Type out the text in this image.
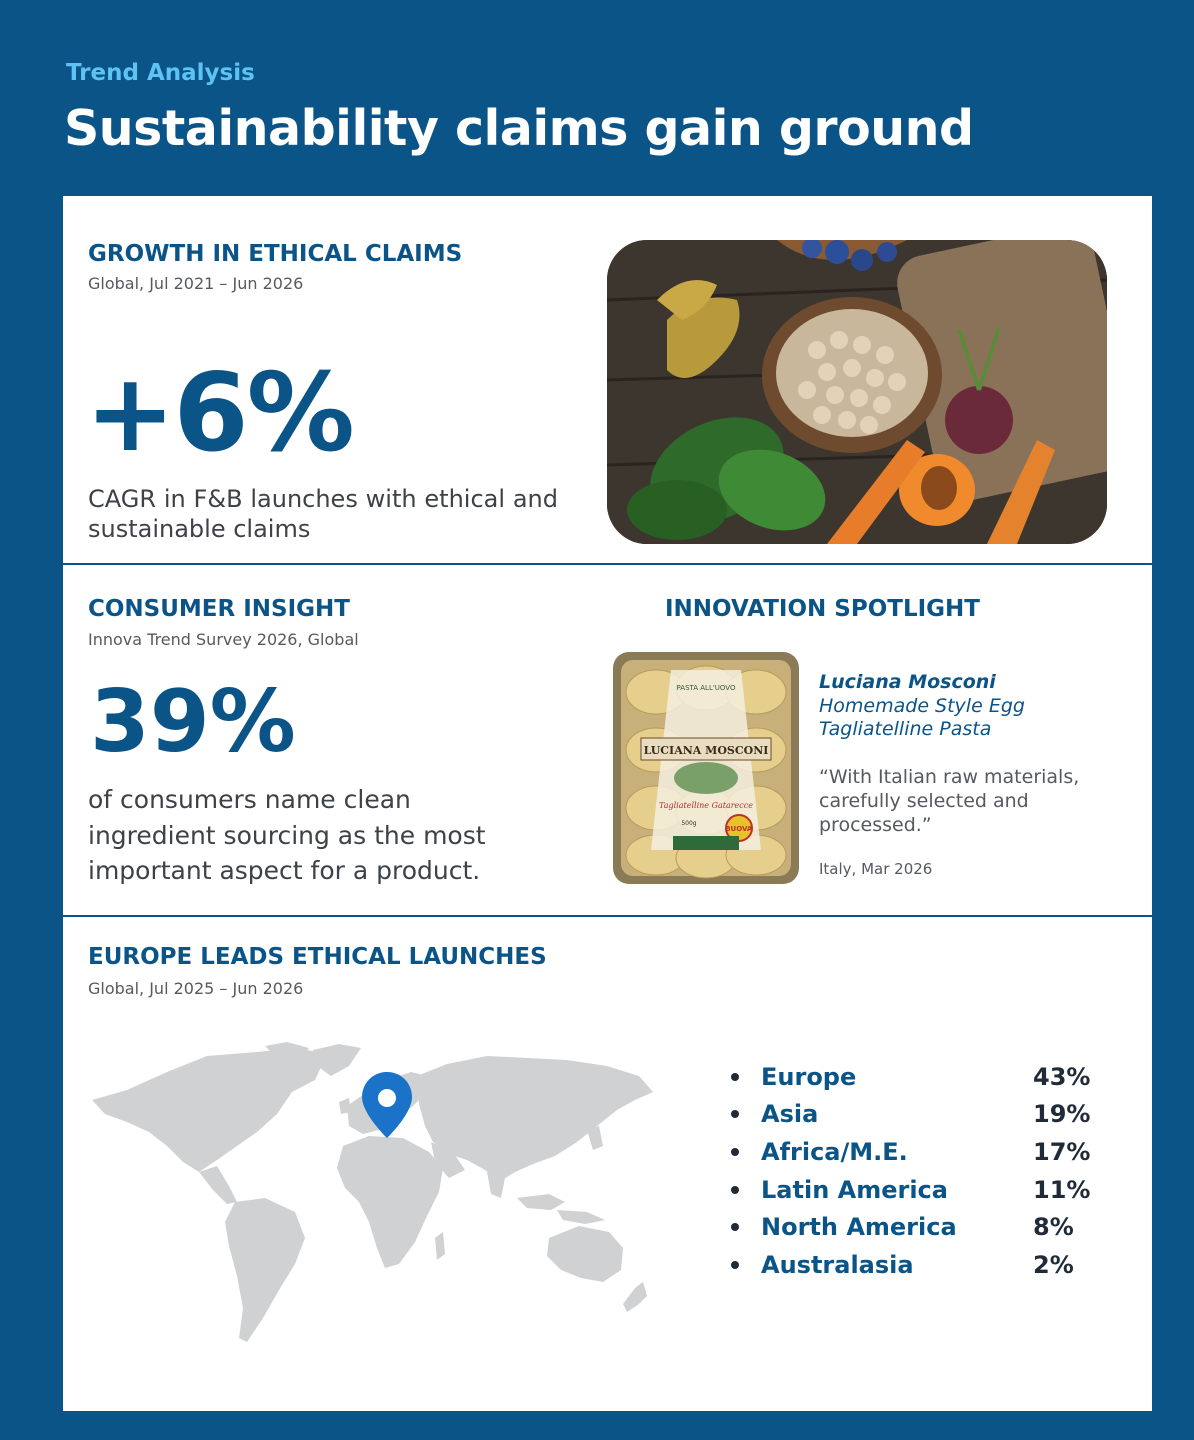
Trend Analysis
Sustainability claims gain ground
GROWTH IN ETHICAL CLAIMS
Global, Jul 2021 – Jun 2026
+6%
CAGR in F&B launches with ethical and sustainable claims
CONSUMER INSIGHT
Innova Trend Survey 2026, Global
39%
of consumers name clean ingredient sourcing as the most important aspect for a product.
INNOVATION SPOTLIGHT
PASTA ALL'UOVO
LUCIANA MOSCONI
Tagliatelline Gatarecce
500g
8UOVA
Luciana Mosconi
Homemade Style Egg
Tagliatelline Pasta
“With Italian raw materials, carefully selected and processed.”
Italy, Mar 2026
EUROPE LEADS ETHICAL LAUNCHES
Global, Jul 2025 – Jun 2026
Europe	43%
Asia	19%
Africa/M.E.	17%
Latin America	11%
North America	8%
Australasia	2%
